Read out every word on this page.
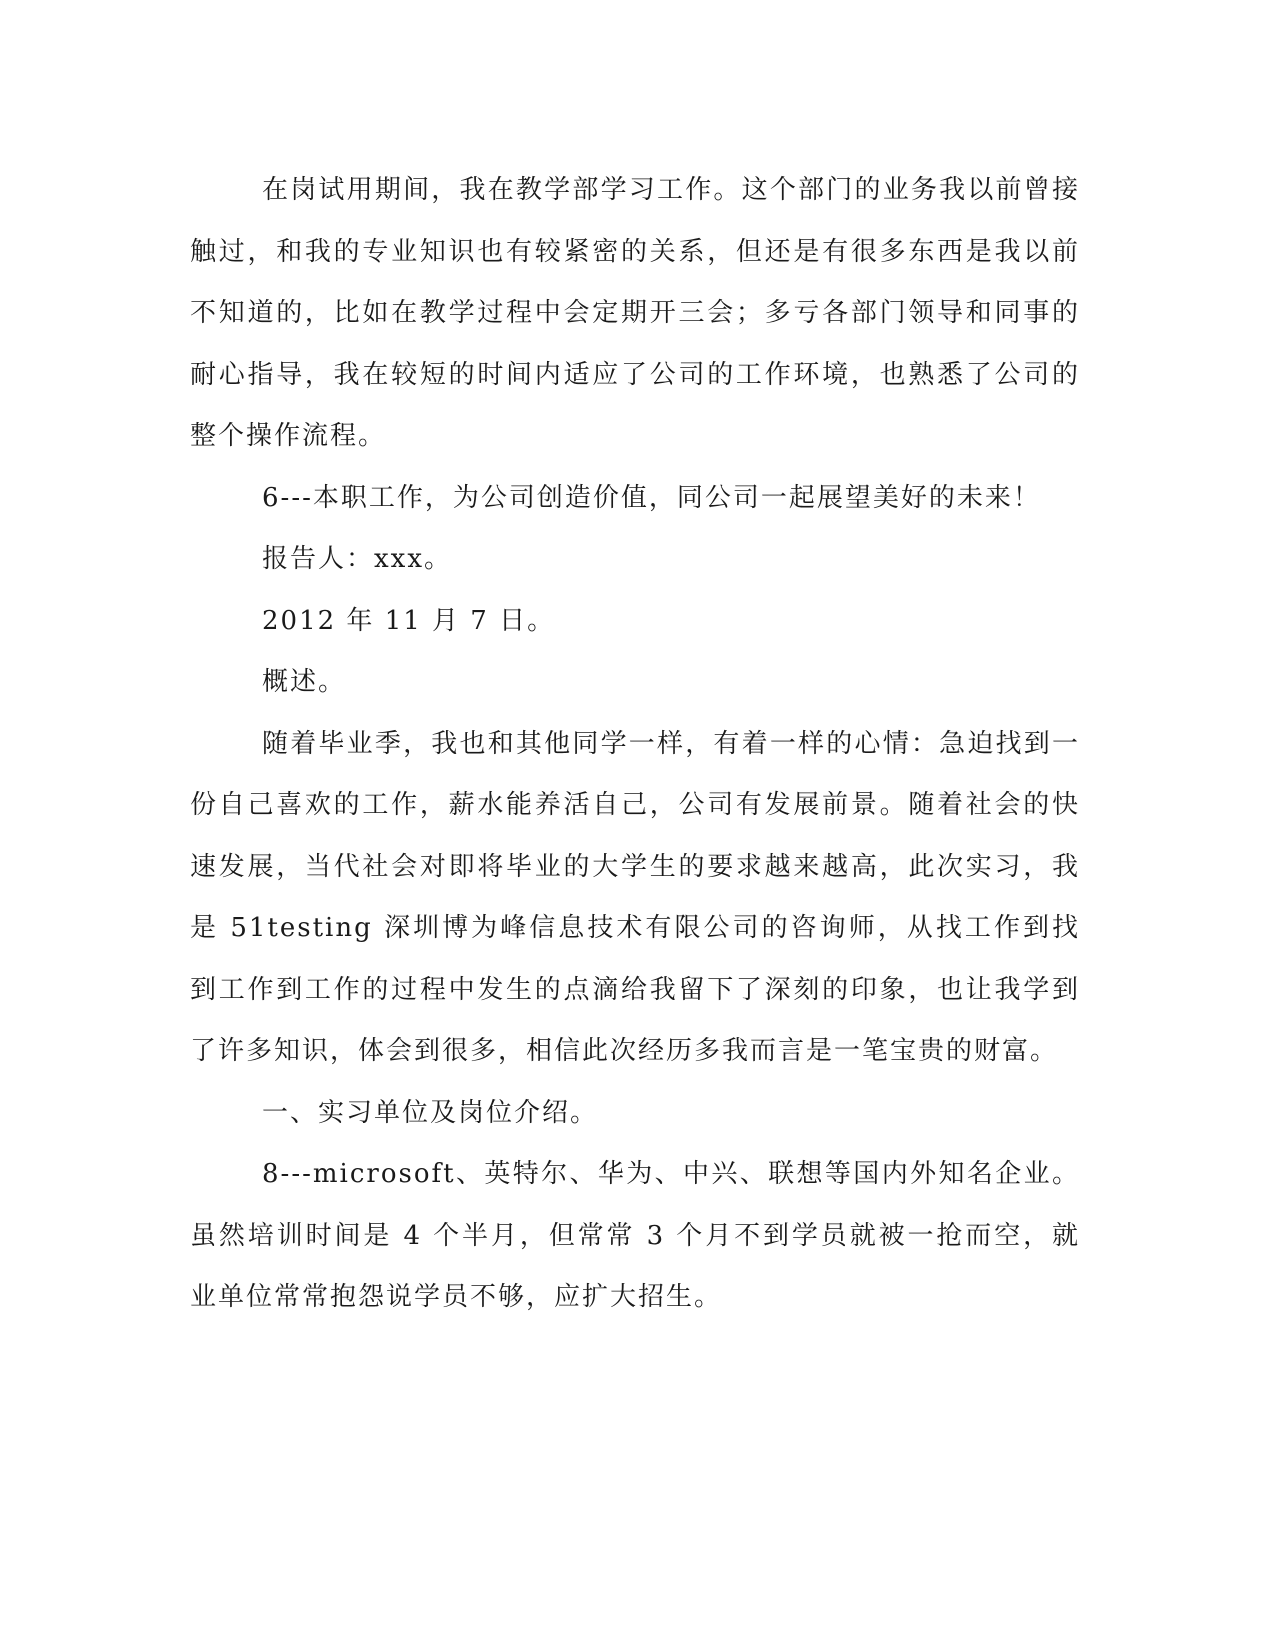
在岗试用期间，我在教学部学习工作。这个部门的业务我以前曾接触过，和我的专业知识也有较紧密的关系，但还是有很多东西是我以前不知道的，比如在教学过程中会定期开三会；多亏各部门领导和同事的耐心指导，我在较短的时间内适应了公司的工作环境，也熟悉了公司的整个操作流程。

6---本职工作，为公司创造价值，同公司一起展望美好的未来！

报告人：xxx。

2012 年 11 月 7 日。

概述。

随着毕业季，我也和其他同学一样，有着一样的心情：急迫找到一份自己喜欢的工作，薪水能养活自己，公司有发展前景。随着社会的快速发展，当代社会对即将毕业的大学生的要求越来越高，此次实习，我是 51testing 深圳博为峰信息技术有限公司的咨询师，从找工作到找到工作到工作的过程中发生的点滴给我留下了深刻的印象，也让我学到了许多知识，体会到很多，相信此次经历多我而言是一笔宝贵的财富。

一、实习单位及岗位介绍。

8---microsoft、英特尔、华为、中兴、联想等国内外知名企业。虽然培训时间是 4 个半月，但常常 3 个月不到学员就被一抢而空，就业单位常常抱怨说学员不够，应扩大招生。
